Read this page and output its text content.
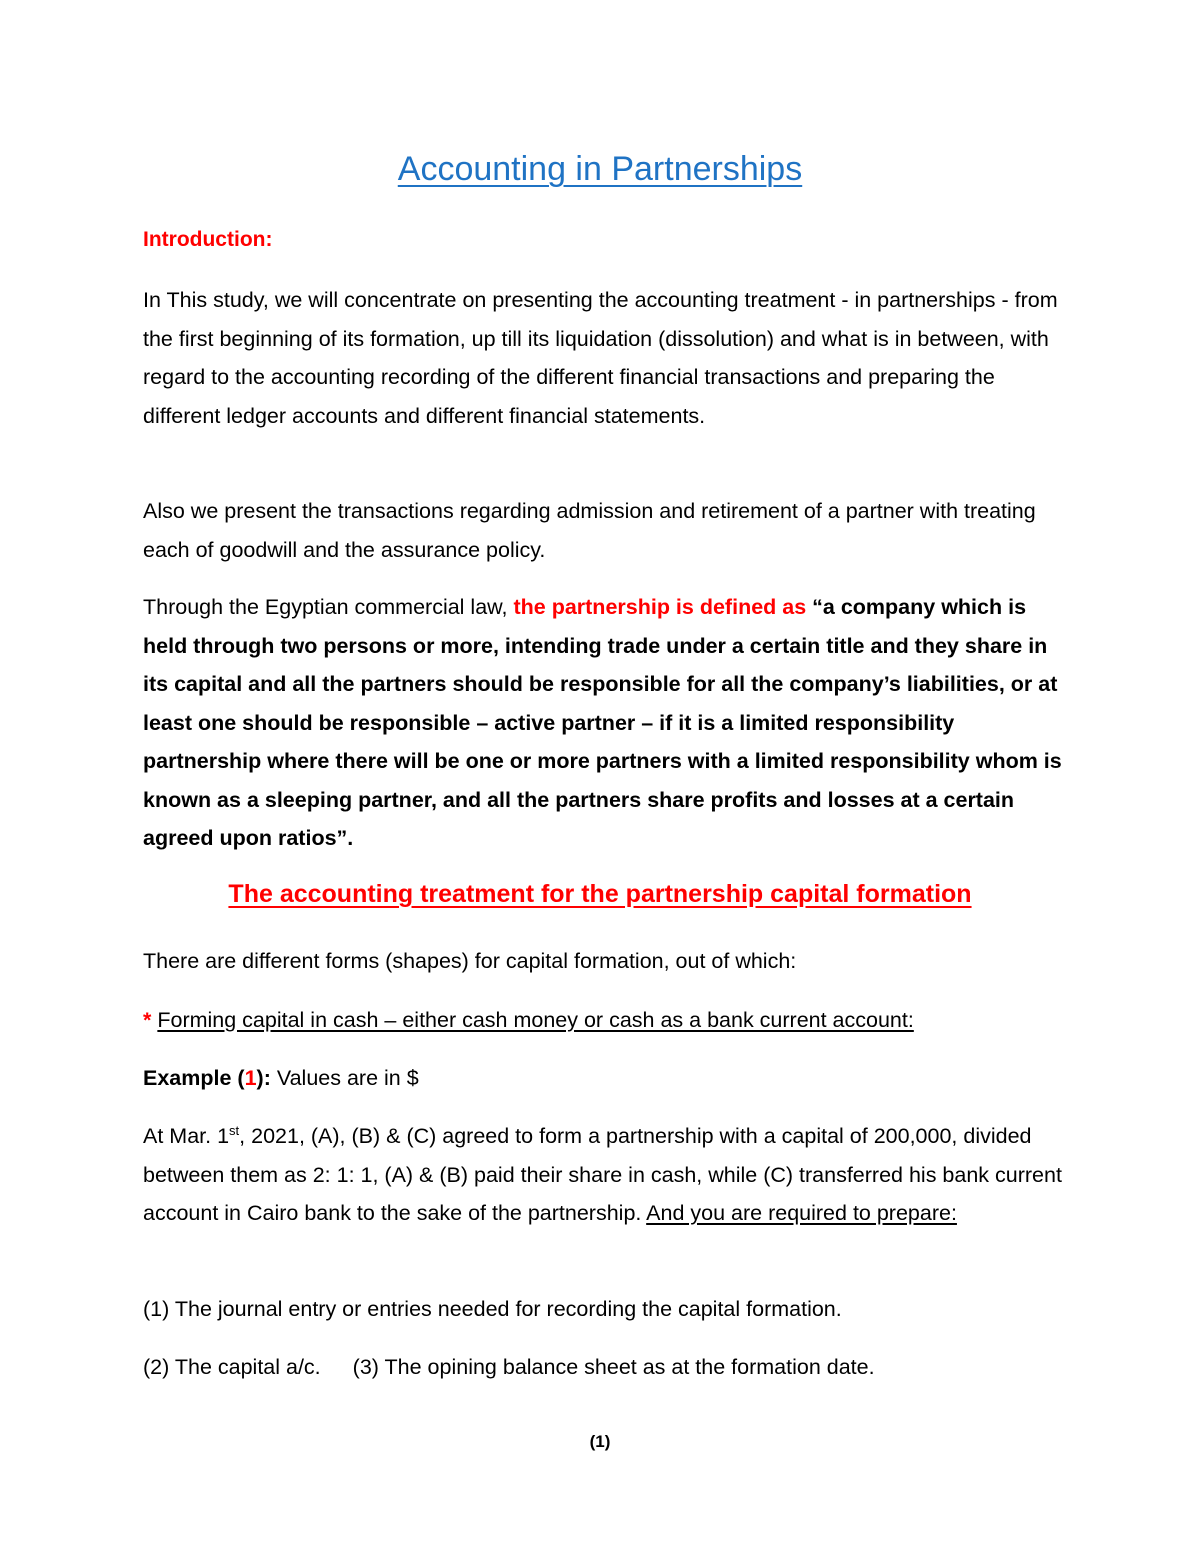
Accounting in Partnerships
Introduction:
In This study, we will concentrate on presenting the accounting treatment - in partnerships - from the first beginning of its formation, up till its liquidation (dissolution) and what is in between, with regard to the accounting recording of the different financial transactions and preparing the different ledger accounts and different financial statements.
Also we present the transactions regarding admission and retirement of a partner with treating each of goodwill and the assurance policy.
Through the Egyptian commercial law, the partnership is defined as “a company which is held through two persons or more, intending trade under a certain title and they share in its capital and all the partners should be responsible for all the company’s liabilities, or at least one should be responsible – active partner – if it is a limited responsibility partnership where there will be one or more partners with a limited responsibility whom is known as a sleeping partner, and all the partners share profits and losses at a certain agreed upon ratios”.
The accounting treatment for the partnership capital formation
There are different forms (shapes) for capital formation, out of which:
* Forming capital in cash – either cash money or cash as a bank current account:
Example (1): Values are in $
At Mar. 1st, 2021, (A), (B) & (C) agreed to form a partnership with a capital of 200,000, divided between them as 2: 1: 1, (A) & (B) paid their share in cash, while (C) transferred his bank current account in Cairo bank to the sake of the partnership. And you are required to prepare:
(1) The journal entry or entries needed for recording the capital formation.
(2) The capital a/c. (3) The opining balance sheet as at the formation date.
(1)
